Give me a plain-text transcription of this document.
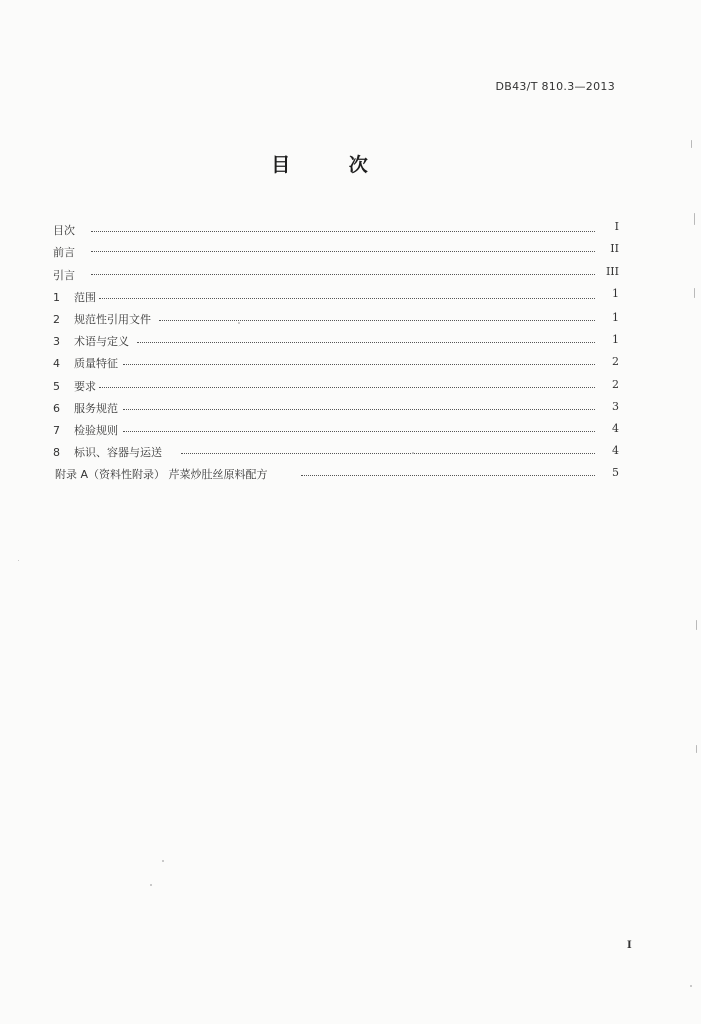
DB43/T 810.3—2013
目 次
目次	I
前言	II
引言	III
1 范围	1
2 规范性引用文件	1
3 术语与定义	1
4 质量特征	2
5 要求	2
6 服务规范	3
7 检验规则	4
8 标识、容器与运送	4
附录 A（资料性附录） 芹菜炒肚丝原料配方	5
I
